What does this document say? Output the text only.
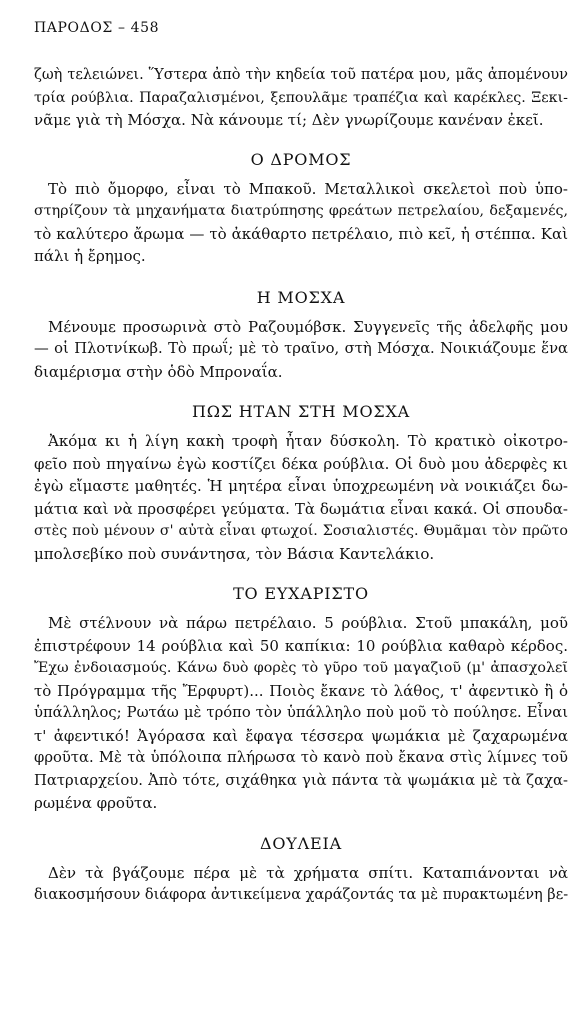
ΠΑΡΟΔΟΣ – 458
ζωὴ τελειώνει. Ὕστερα ἀπὸ τὴν κηδεία τοῦ πατέρα μου, μᾶς ἀπομένουν
τρία ρούβλια. Παραζαλισμένοι, ξεπουλᾶμε τραπέζια καὶ καρέκλες. Ξεκι-
νᾶμε γιὰ τὴ Μόσχα. Νὰ κάνουμε τί; Δὲν γνωρίζουμε κανέναν ἐκεῖ.
Ο ΔΡΟΜΟΣ
Τὸ πιὸ ὄμορφο, εἶναι τὸ Μπακοῦ. Μεταλλικοὶ σκελετοὶ ποὺ ὑπο-
στηρίζουν τὰ μηχανήματα διατρύπησης φρεάτων πετρελαίου, δεξαμενές,
τὸ καλύτερο ἄρωμα — τὸ ἀκάθαρτο πετρέλαιο, πιὸ κεῖ, ἡ στέππα. Καὶ
πάλι ἡ ἔρημος.
Η ΜΟΣΧΑ
Μένουμε προσωρινὰ στὸ Ραζουμόβσκ. Συγγενεῖς τῆς ἀδελφῆς μου
— οἱ Πλοτνίκωβ. Τὸ πρωΐ; μὲ τὸ τραῖνο, στὴ Μόσχα. Νοικιάζουμε ἕνα
διαμέρισμα στὴν ὁδὸ Μπροναΐα.
ΠΩΣ ΗΤΑΝ ΣΤΗ ΜΟΣΧΑ
Ἀκόμα κι ἡ λίγη κακὴ τροφὴ ἦταν δύσκολη. Τὸ κρατικὸ οἰκοτρο-
φεῖο ποὺ πηγαίνω ἐγὼ κοστίζει δέκα ρούβλια. Οἱ δυὸ μου ἀδερφὲς κι
ἐγὼ εἴμαστε μαθητές. Ἡ μητέρα εἶναι ὑποχρεωμένη νὰ νοικιάζει δω-
μάτια καὶ νὰ προσφέρει γεύματα. Τὰ δωμάτια εἶναι κακά. Οἱ σπουδα-
στὲς ποὺ μένουν σ' αὐτὰ εἶναι φτωχοί. Σοσιαλιστές. Θυμᾶμαι τὸν πρῶτο
μπολσεβίκο ποὺ συνάντησα, τὸν Βάσια Καντελάκιο.
ΤΟ ΕΥΧΑΡΙΣΤΟ
Μὲ στέλνουν νὰ πάρω πετρέλαιο. 5 ρούβλια. Στοῦ μπακάλη, μοῦ
ἐπιστρέφουν 14 ρούβλια καὶ 50 καπίκια: 10 ρούβλια καθαρὸ κέρδος.
Ἔχω ἐνδοιασμούς. Κάνω δυὸ φορὲς τὸ γῦρο τοῦ μαγαζιοῦ (μ' ἀπασχολεῖ
τὸ Πρόγραμμα τῆς Ἔρφυρτ)... Ποιὸς ἔκανε τὸ λάθος, τ' ἀφεντικὸ ἢ ὁ
ὑπάλληλος; Ρωτάω μὲ τρόπο τὸν ὑπάλληλο ποὺ μοῦ τὸ πούλησε. Εἶναι
τ' ἀφεντικό! Ἀγόρασα καὶ ἔφαγα τέσσερα ψωμάκια μὲ ζαχαρωμένα
φροῦτα. Μὲ τὰ ὑπόλοιπα πλήρωσα τὸ κανὸ ποὺ ἔκανα στὶς λίμνες τοῦ
Πατριαρχείου. Ἀπὸ τότε, σιχάθηκα γιὰ πάντα τὰ ψωμάκια μὲ τὰ ζαχα-
ρωμένα φροῦτα.
ΔΟΥΛΕΙΑ
Δὲν τὰ βγάζουμε πέρα μὲ τὰ χρήματα σπίτι. Καταπιάνονται νὰ
διακοσμήσουν διάφορα ἀντικείμενα χαράζοντάς τα μὲ πυρακτωμένη βε-
